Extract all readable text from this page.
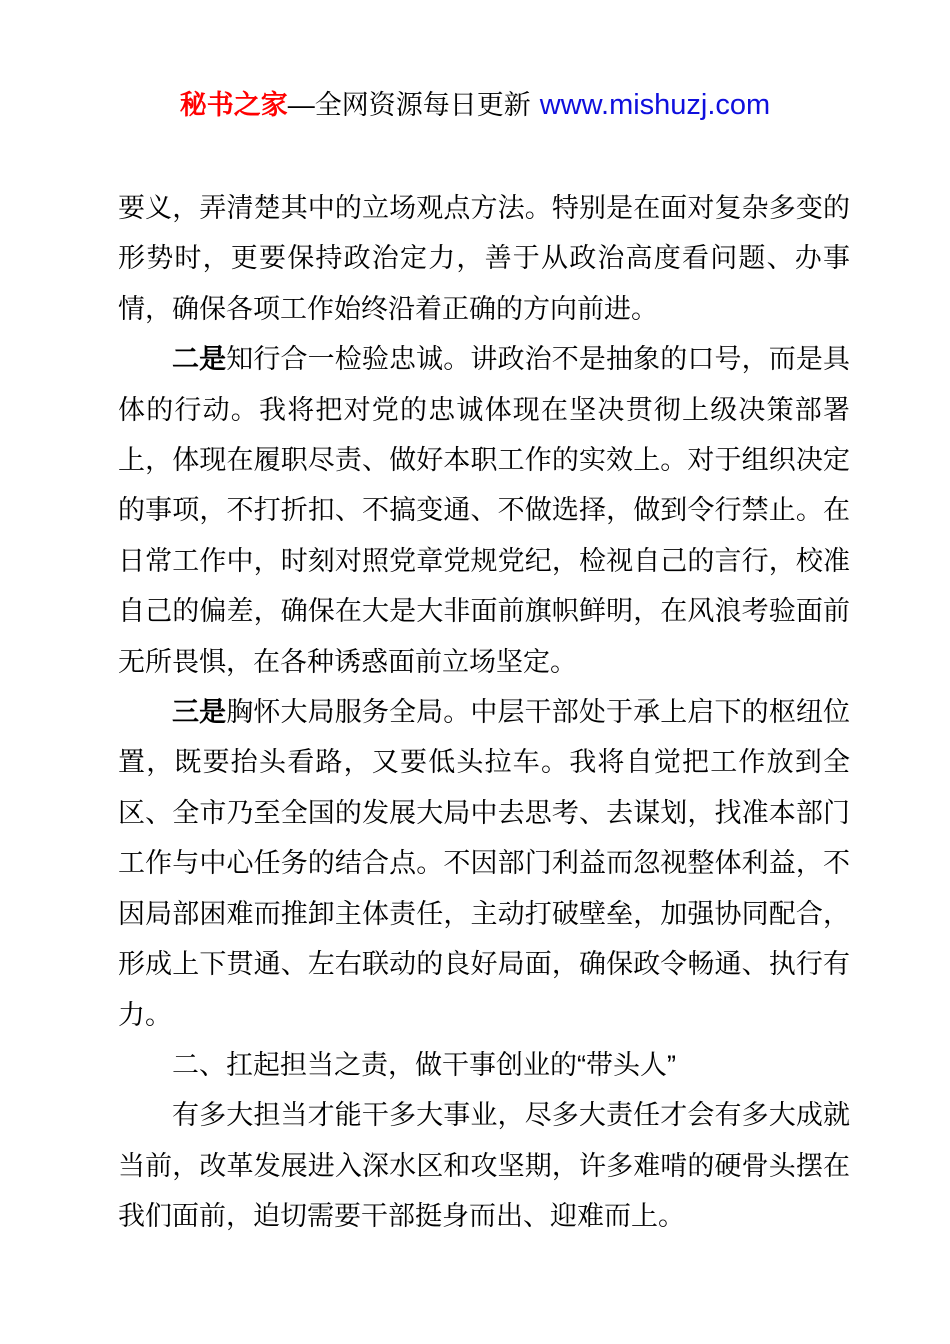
秘书之家—全网资源每日更新 www.mishuzj.com

要义，弄清楚其中的立场观点方法。特别是在面对复杂多变的形势时，更要保持政治定力，善于从政治高度看问题、办事情，确保各项工作始终沿着正确的方向前进。

二是知行合一检验忠诚。讲政治不是抽象的口号，而是具体的行动。我将把对党的忠诚体现在坚决贯彻上级决策部署上，体现在履职尽责、做好本职工作的实效上。对于组织决定的事项，不打折扣、不搞变通、不做选择，做到令行禁止。在日常工作中，时刻对照党章党规党纪，检视自己的言行，校准自己的偏差，确保在大是大非面前旗帜鲜明，在风浪考验面前无所畏惧，在各种诱惑面前立场坚定。

三是胸怀大局服务全局。中层干部处于承上启下的枢纽位置，既要抬头看路，又要低头拉车。我将自觉把工作放到全区、全市乃至全国的发展大局中去思考、去谋划，找准本部门工作与中心任务的结合点。不因部门利益而忽视整体利益，不因局部困难而推卸主体责任，主动打破壁垒，加强协同配合，形成上下贯通、左右联动的良好局面，确保政令畅通、执行有力。

二、扛起担当之责，做干事创业的“带头人”

有多大担当才能干多大事业，尽多大责任才会有多大成就当前，改革发展进入深水区和攻坚期，许多难啃的硬骨头摆在我们面前，迫切需要干部挺身而出、迎难而上。
